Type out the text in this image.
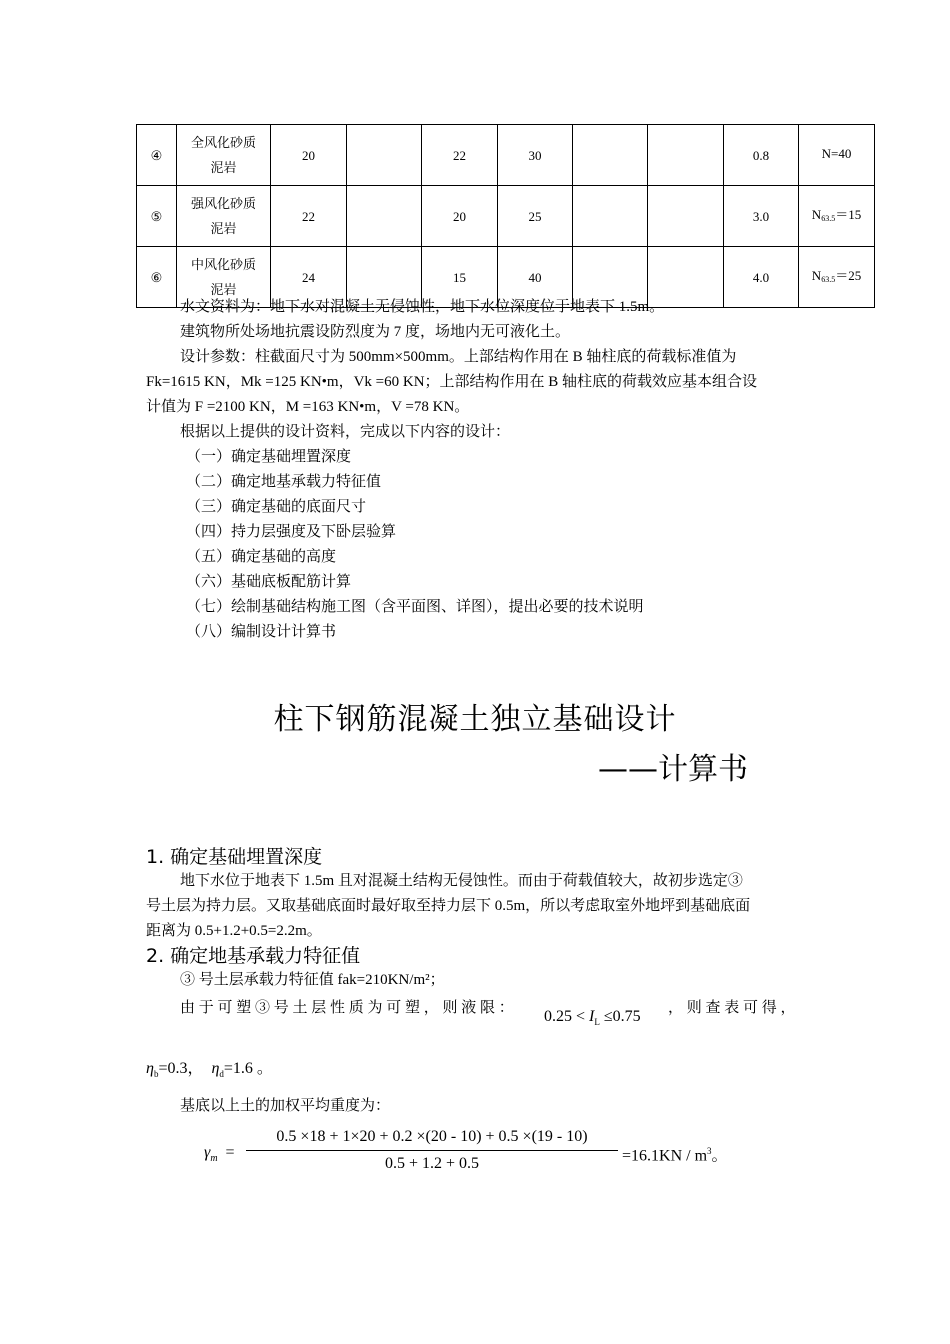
④	全风化砂质
泥岩	20		22	30			0.8	N=40
⑤	强风化砂质
泥岩	22		20	25			3.0	$N_{63.5}=15$
⑥	中风化砂质
泥岩	24		15	40			4.0	$N_{63.5}=25$
水文资料为：地下水对混凝土无侵蚀性，地下水位深度位于地表下 1.5m。
建筑物所处场地抗震设防烈度为 7 度，场地内无可液化土。
设计参数：柱截面尺寸为 500mm×500mm。上部结构作用在 B 轴柱底的荷载标准值为
Fk=1615 KN，Mk =125 KN•m，Vk =60 KN；上部结构作用在 B 轴柱底的荷载效应基本组合设
计值为 F =2100 KN，M =163 KN•m，V =78 KN。
根据以上提供的设计资料，完成以下内容的设计：
（一）确定基础埋置深度
（二）确定地基承载力特征值
（三）确定基础的底面尺寸
（四）持力层强度及下卧层验算
（五）确定基础的高度
（六）基础底板配筋计算
（七）绘制基础结构施工图（含平面图、详图），提出必要的技术说明
（八）编制设计计算书
柱下钢筋混凝土独立基础设计
——计算书
1. 确定基础埋置深度
地下水位于地表下 1.5m 且对混凝土结构无侵蚀性。而由于荷载值较大，故初步选定③
号土层为持力层。又取基础底面时最好取至持力层下 0.5m，所以考虑取室外地坪到基础底面
距离为 0.5+1.2+0.5=2.2m。
2. 确定地基承载力特征值
③ 号土层承载力特征值 fak=210KN/m²；
由 于 可 塑 ③ 号 土 层 性 质 为 可 塑 ， 则 液 限 ： $0.25 < I_L \le 0.75$ ， 则 查 表 可 得 ，
$\eta_b=0.3$， $\eta_d=1.6$ 。
基底以上土的加权平均重度为：
$\gamma_m$ =
0.5 ×18 + 1×20 + 0.2 ×(20 - 10) + 0.5 ×(19 - 10)
0.5 + 1.2 + 0.5	$=16.1KN / m^3$。
